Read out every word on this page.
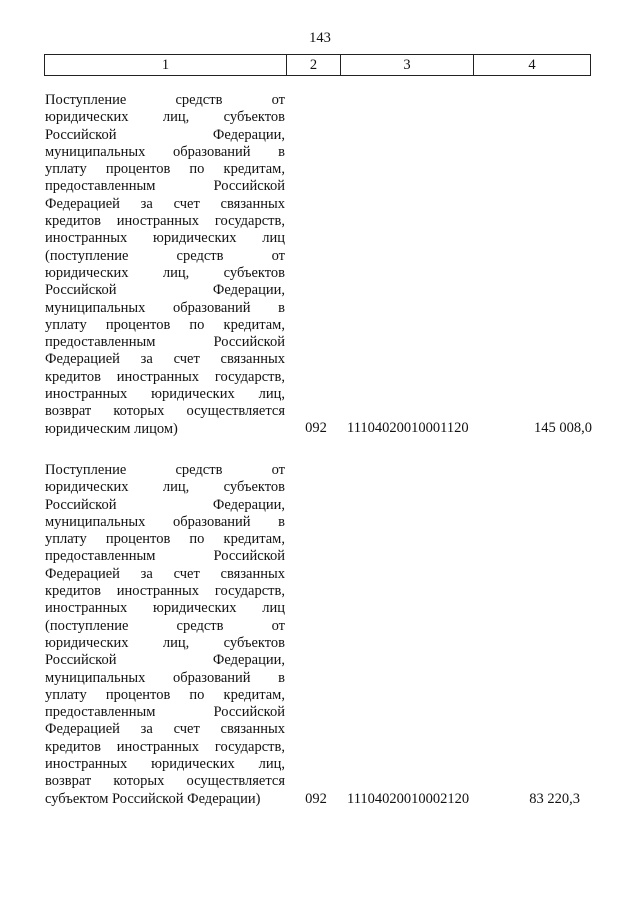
143
1	2	3	4
Поступление средств от
юридических лиц, субъектов
Российской Федерации,
муниципальных образований в
уплату процентов по кредитам,
предоставленным Российской
Федерацией за счет связанных
кредитов иностранных государств,
иностранных юридических лиц
(поступление средств от
юридических лиц, субъектов
Российской Федерации,
муниципальных образований в
уплату процентов по кредитам,
предоставленным Российской
Федерацией за счет связанных
кредитов иностранных государств,
иностранных юридических лиц,
возврат которых осуществляется
юридическим лицом)	092	11104020010001120	145 008,0
Поступление средств от
юридических лиц, субъектов
Российской Федерации,
муниципальных образований в
уплату процентов по кредитам,
предоставленным Российской
Федерацией за счет связанных
кредитов иностранных государств,
иностранных юридических лиц
(поступление средств от
юридических лиц, субъектов
Российской Федерации,
муниципальных образований в
уплату процентов по кредитам,
предоставленным Российской
Федерацией за счет связанных
кредитов иностранных государств,
иностранных юридических лиц,
возврат которых осуществляется
субъектом Российской Федерации)	092	11104020010002120	83 220,3
